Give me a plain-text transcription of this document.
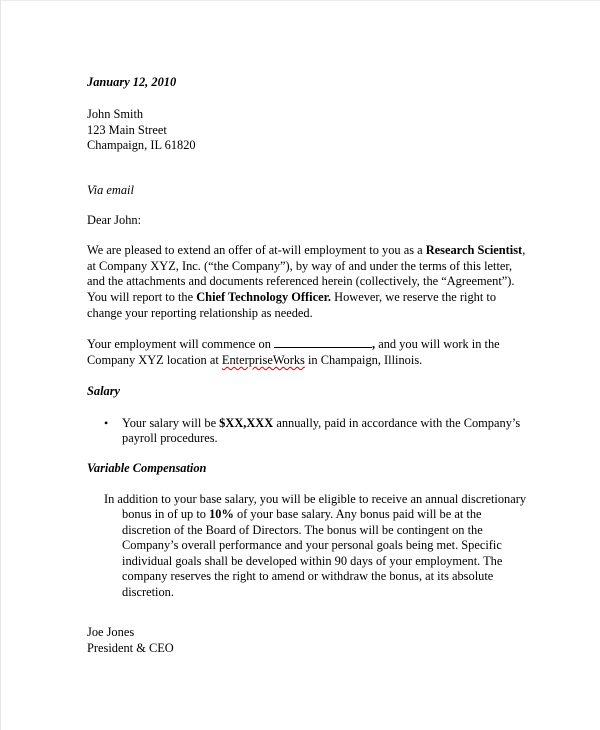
January 12, 2010
John Smith
123 Main Street
Champaign, IL 61820
Via email
Dear John:
We are pleased to extend an offer of at-will employment to you as a Research Scientist,
at Company XYZ, Inc. (“the Company”), by way of and under the terms of this letter,
and the attachments and documents referenced herein (collectively, the “Agreement”).
You will report to the Chief Technology Officer. However, we reserve the right to
change your reporting relationship as needed.
Your employment will commence on	, and you will work in the
Company XYZ location at EnterpriseWorks in Champaign, Illinois.
Salary
• Your salary will be $XX,XXX annually, paid in accordance with the Company’s
payroll procedures.
Variable Compensation
In addition to your base salary, you will be eligible to receive an annual discretionary
bonus in of up to 10% of your base salary. Any bonus paid will be at the
discretion of the Board of Directors. The bonus will be contingent on the
Company’s overall performance and your personal goals being met. Specific
individual goals shall be developed within 90 days of your employment. The
company reserves the right to amend or withdraw the bonus, at its absolute
discretion.
Joe Jones
President & CEO
